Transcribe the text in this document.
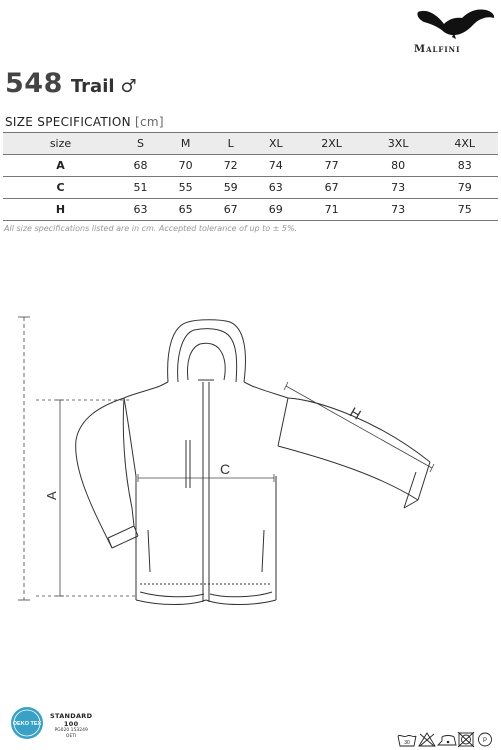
Malfini
548 Trail ♂
SIZE SPECIFICATION [cm]
size	S	M	L	XL	2XL	3XL	4XL
A	68	70	72	74	77	80	83
C	51	55	59	63	67	73	79
H	63	65	67	69	71	73	75
All size specifications listed are in cm. Accepted tolerance of up to ± 5%.
A
C
H
OEKO TEX
STANDARD
100
PG020 153249
OETI
30	P
